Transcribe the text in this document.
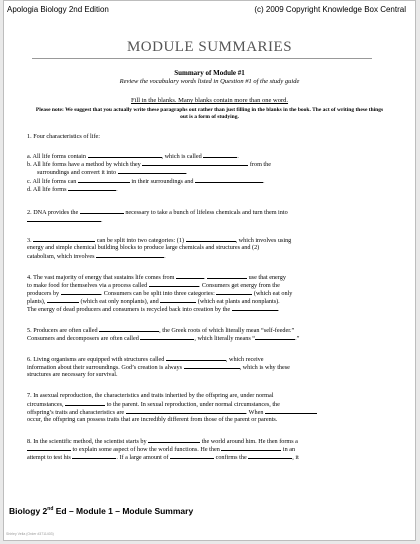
Apologia Biology 2nd Edition	(c) 2009 Copyright Knowledge Box Central
MODULE SUMMARIES
Summary of Module #1
Review the vocabulary words listed in Question #1 of the study guide
Fill in the blanks. Many blanks contain more than one word.
Please note: We suggest that you actually write these paragraphs out rather than just filling in the blanks in the book. The act of writing these things out is a form of studying.
1. Four characteristics of life:
a. All life forms contain	, which is called	.
b. All life forms have a method by which they	from the
surroundings and convert it into	.
c. All life forms can	in their surroundings and	.
d. All life forms	.
2. DNA provides the	necessary to take a bunch of lifeless chemicals and turn them into
.
3.	can be split into two categories: (1)	, which involves using
energy and simple chemical building blocks to produce large chemicals and structures and (2)
catabolism, which involves	.
4. The vast majority of energy that sustains life comes from	.	use that energy
to make food for themselves via a process called	. Consumers get energy from the
producers by	. Consumers can be split into three categories:	(which eat only
plants),	(which eat only nonplants), and	(which eat plants and nonplants).
The energy of dead producers and consumers is recycled back into creation by the	.
5. Producers are often called	, the Greek roots of which literally mean “self-feeder.”
Consumers and decomposers are often called	, which literally means “	.”
6. Living organisms are equipped with structures called	, which receive
information about their surroundings. God’s creation is always	, which is why these
structures are necessary for survival.
7. In asexual reproduction, the characteristics and traits inherited by the offspring are, under normal
circumstances,	to the parent. In sexual reproduction, under normal circumstances, the
offspring’s traits and characteristics are	. When
occur, the offspring can possess traits that are incredibly different from those of the parent or parents.
8. In the scientific method, the scientist starts by	the world around him. He then forms a
to explain some aspect of how the world functions. He then	in an
attempt to test his	. If a large amount of	confirms the	, it
Biology 2nd Ed – Module 1 – Module Summary
Shirley Vella (Order #3711403)
